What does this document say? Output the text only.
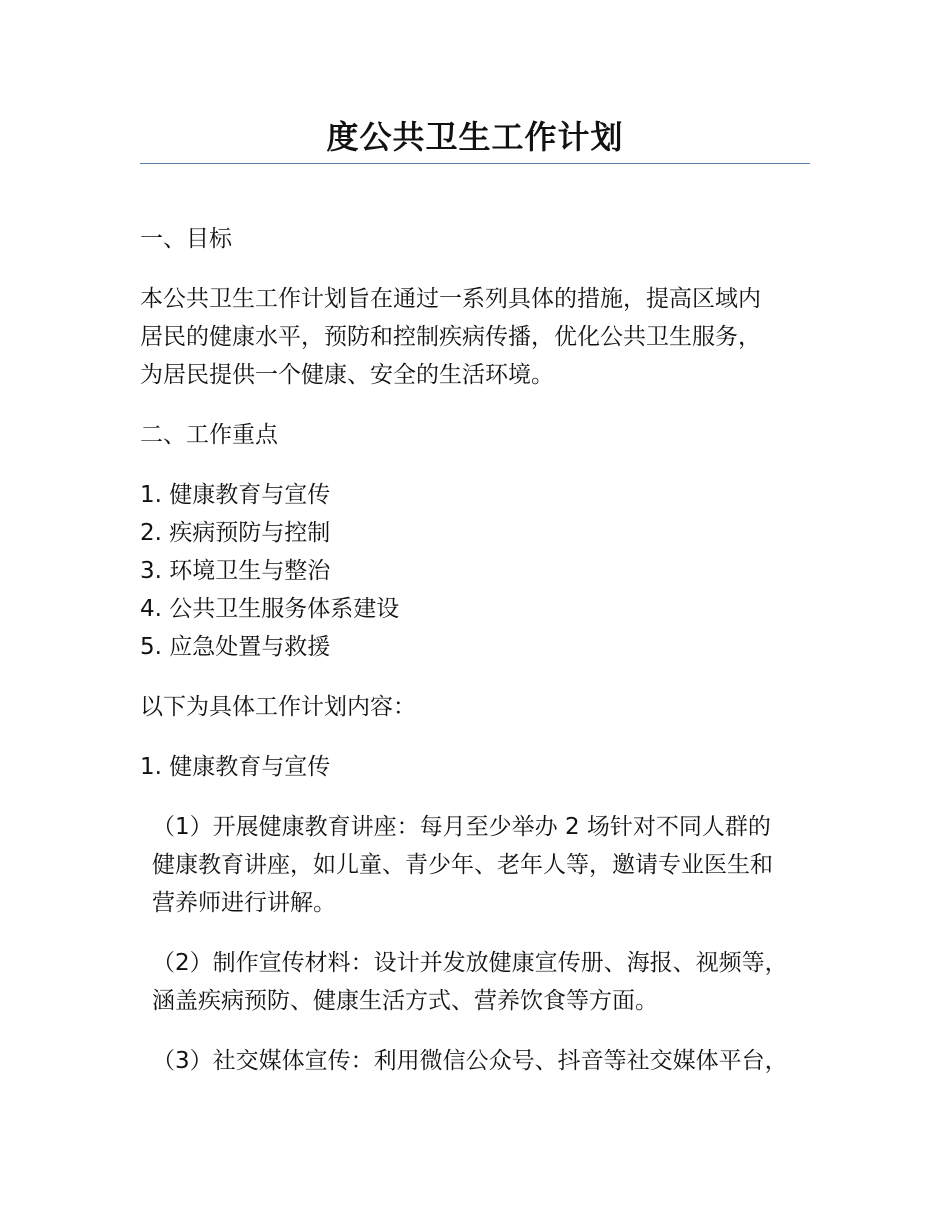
度公共卫生工作计划

一、目标

本公共卫生工作计划旨在通过一系列具体的措施，提高区域内
居民的健康水平，预防和控制疾病传播，优化公共卫生服务，
为居民提供一个健康、安全的生活环境。

二、工作重点

1. 健康教育与宣传

2. 疾病预防与控制

3. 环境卫生与整治

4. 公共卫生服务体系建设

5. 应急处置与救援

以下为具体工作计划内容：

1. 健康教育与宣传

（1）开展健康教育讲座：每月至少举办 2 场针对不同人群的
健康教育讲座，如儿童、青少年、老年人等，邀请专业医生和
营养师进行讲解。

（2）制作宣传材料：设计并发放健康宣传册、海报、视频等，
涵盖疾病预防、健康生活方式、营养饮食等方面。

（3）社交媒体宣传：利用微信公众号、抖音等社交媒体平台，
